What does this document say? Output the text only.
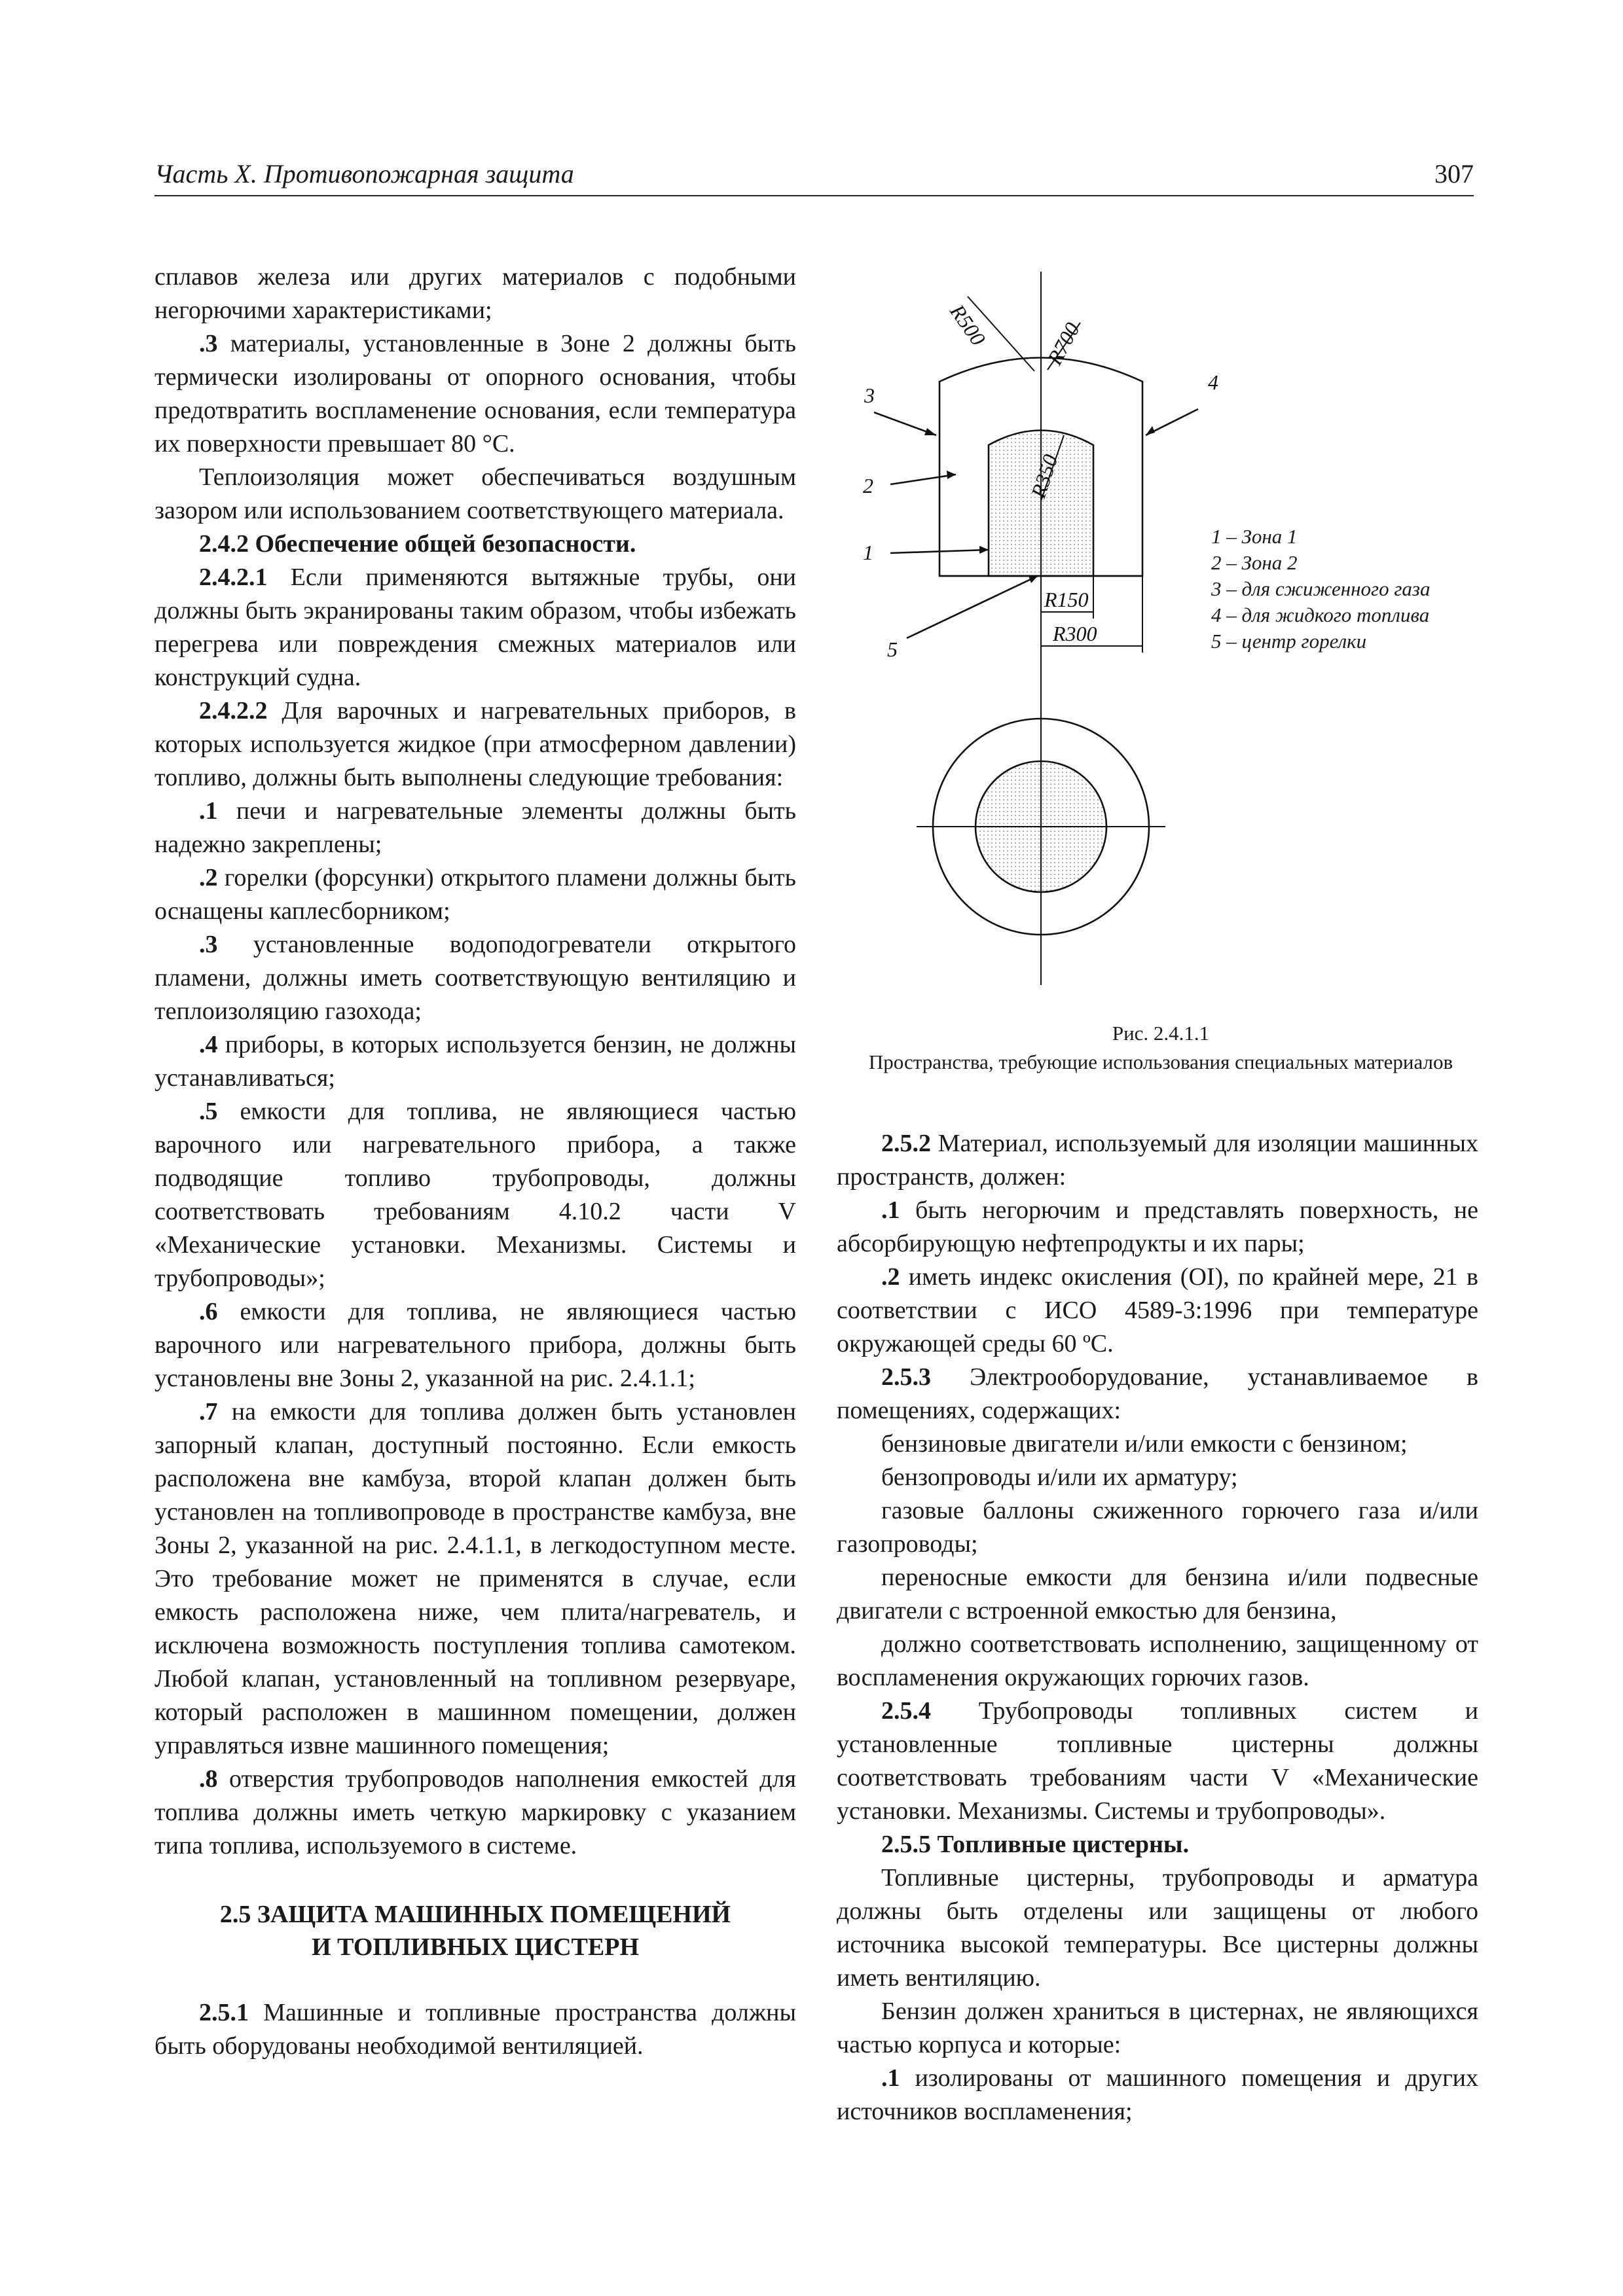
Часть X. Противопожарная защита	307

сплавов железа или других материалов с подобными негорючими характеристиками;

.3 материалы, установленные в Зоне 2 должны быть термически изолированы от опорного основания, чтобы предотвратить воспламенение основания, если температура их поверхности превышает 80 °С.

Теплоизоляция может обеспечиваться воздушным зазором или использованием соответствующего материала.

2.4.2 Обеспечение общей безопасности.

2.4.2.1 Если применяются вытяжные трубы, они должны быть экранированы таким образом, чтобы избежать перегрева или повреждения смежных материалов или конструкций судна.

2.4.2.2 Для варочных и нагревательных приборов, в которых используется жидкое (при атмосферном давлении) топливо, должны быть выполнены следующие требования:

.1 печи и нагревательные элементы должны быть надежно закреплены;

.2 горелки (форсунки) открытого пламени должны быть оснащены каплесборником;

.3 установленные водоподогреватели открытого пламени, должны иметь соответствующую вентиляцию и теплоизоляцию газохода;

.4 приборы, в которых используется бензин, не должны устанавливаться;

.5 емкости для топлива, не являющиеся частью варочного или нагревательного прибора, а также подводящие топливо трубопроводы, должны соответствовать требованиям 4.10.2 части V «Механические установки. Механизмы. Системы и трубопроводы»;

.6 емкости для топлива, не являющиеся частью варочного или нагревательного прибора, должны быть установлены вне Зоны 2, указанной на рис. 2.4.1.1;

.7 на емкости для топлива должен быть установлен запорный клапан, доступный постоянно. Если емкость расположена вне камбуза, второй клапан должен быть установлен на топливопроводе в пространстве камбуза, вне Зоны 2, указанной на рис. 2.4.1.1, в легкодоступном месте. Это требование может не применятся в случае, если емкость расположена ниже, чем плита/нагреватель, и исключена возможность поступления топлива самотеком. Любой клапан, установленный на топливном резервуаре, который расположен в машинном помещении, должен управляться извне машинного помещения;

.8 отверстия трубопроводов наполнения емкостей для топлива должны иметь четкую маркировку с указанием типа топлива, используемого в системе.

2.5 ЗАЩИТА МАШИННЫХ ПОМЕЩЕНИЙ
И ТОПЛИВНЫХ ЦИСТЕРН

2.5.1 Машинные и топливные пространства должны быть оборудованы необходимой вентиляцией.

R500 R700
R350
R150
R300
3
2
1
4
5
1 – Зона 1
2 – Зона 2
3 – для сжиженного газа
4 – для жидкого топлива
5 – центр горелки
Рис. 2.4.1.1
Пространства, требующие использования специальных материалов

2.5.2 Материал, используемый для изоляции машинных пространств, должен:

.1 быть негорючим и представлять поверхность, не абсорбирующую нефтепродукты и их пары;

.2 иметь индекс окисления (OI), по крайней мере, 21 в соответствии с ИСО 4589-3:1996 при температуре окружающей среды 60 ºС.

2.5.3 Электрооборудование, устанавливаемое в помещениях, содержащих:

бензиновые двигатели и/или емкости с бензином;

бензопроводы и/или их арматуру;

газовые баллоны сжиженного горючего газа и/или газопроводы;

переносные емкости для бензина и/или подвесные двигатели с встроенной емкостью для бензина,

должно соответствовать исполнению, защищенному от воспламенения окружающих горючих газов.

2.5.4 Трубопроводы топливных систем и установленные топливные цистерны должны соответствовать требованиям части V «Механические установки. Механизмы. Системы и трубопроводы».

2.5.5 Топливные цистерны.

Топливные цистерны, трубопроводы и арматура должны быть отделены или защищены от любого источника высокой температуры. Все цистерны должны иметь вентиляцию.

Бензин должен храниться в цистернах, не являющихся частью корпуса и которые:

.1 изолированы от машинного помещения и других источников воспламенения;
